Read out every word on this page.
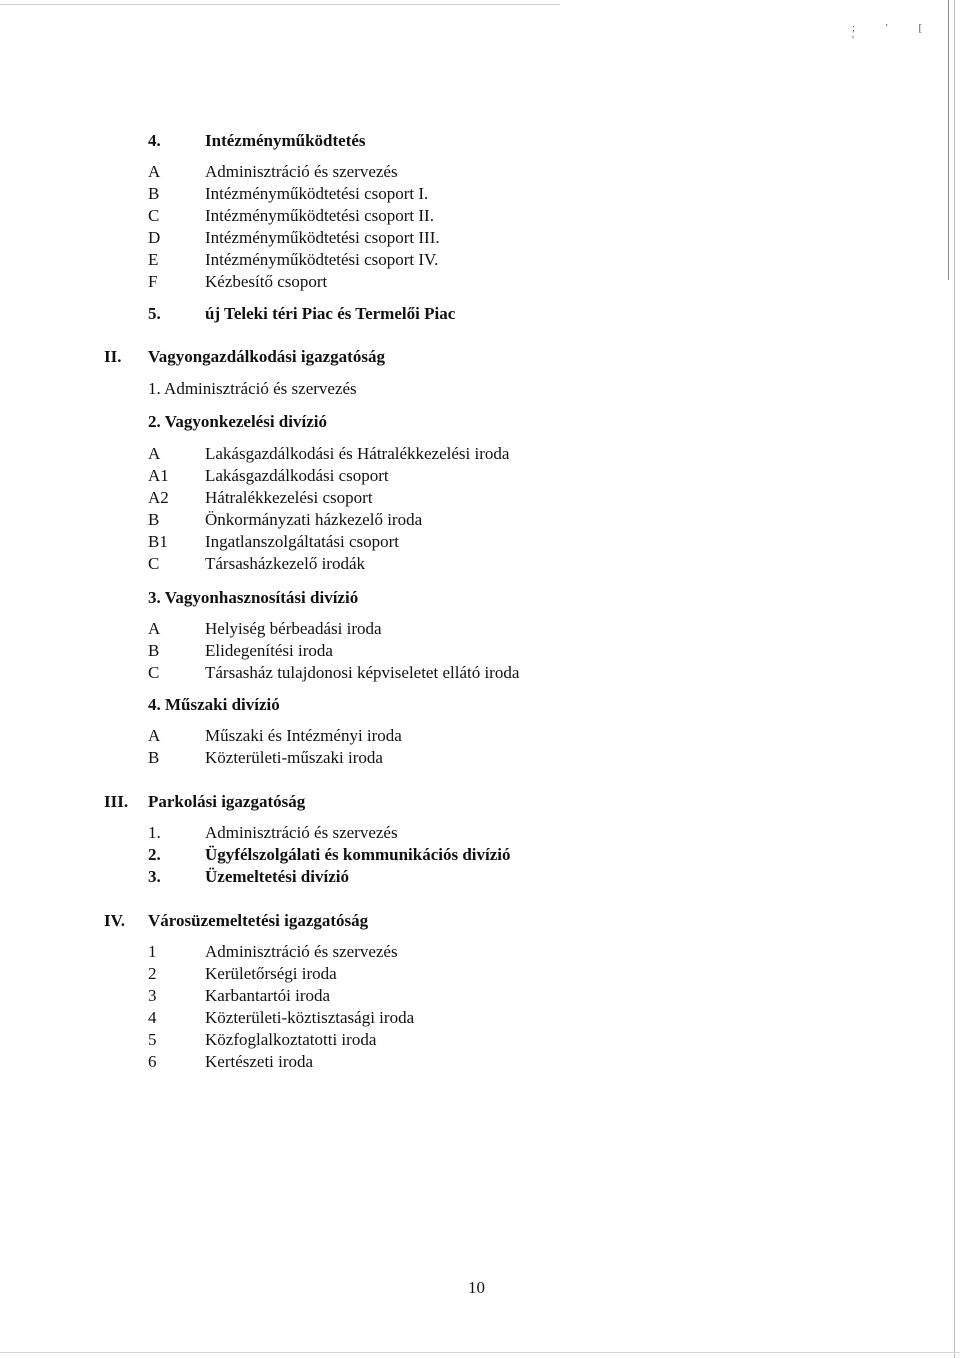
; ' [ '
4.	Intézményműködtetés
A	Adminisztráció és szervezés
B	Intézményműködtetési csoport I.
C	Intézményműködtetési csoport II.
D	Intézményműködtetési csoport III.
E	Intézményműködtetési csoport IV.
F	Kézbesítő csoport
5.	új Teleki téri Piac és Termelői Piac
II. Vagyongazdálkodási igazgatóság
1. Adminisztráció és szervezés
2. Vagyonkezelési divízió
A	Lakásgazdálkodási és Hátralékkezelési iroda
A1 Lakásgazdálkodási csoport
A2 Hátralékkezelési csoport
B	Önkormányzati házkezelő iroda
B1 Ingatlanszolgáltatási csoport
C	Társasházkezelő irodák
3. Vagyonhasznosítási divízió
A	Helyiség bérbeadási iroda
B	Elidegenítési iroda
C	Társasház tulajdonosi képviseletet ellátó iroda
4. Műszaki divízió
A	Műszaki és Intézményi iroda
B	Közterületi-műszaki iroda
III. Parkolási igazgatóság
1.	Adminisztráció és szervezés
2.	Ügyfélszolgálati és kommunikációs divízió
3.	Üzemeltetési divízió
IV. Városüzemeltetési igazgatóság
1	Adminisztráció és szervezés
2	Kerületőrségi iroda
3	Karbantartói iroda
4	Közterületi-köztisztasági iroda
5	Közfoglalkoztatotti iroda
6	Kertészeti iroda
10
